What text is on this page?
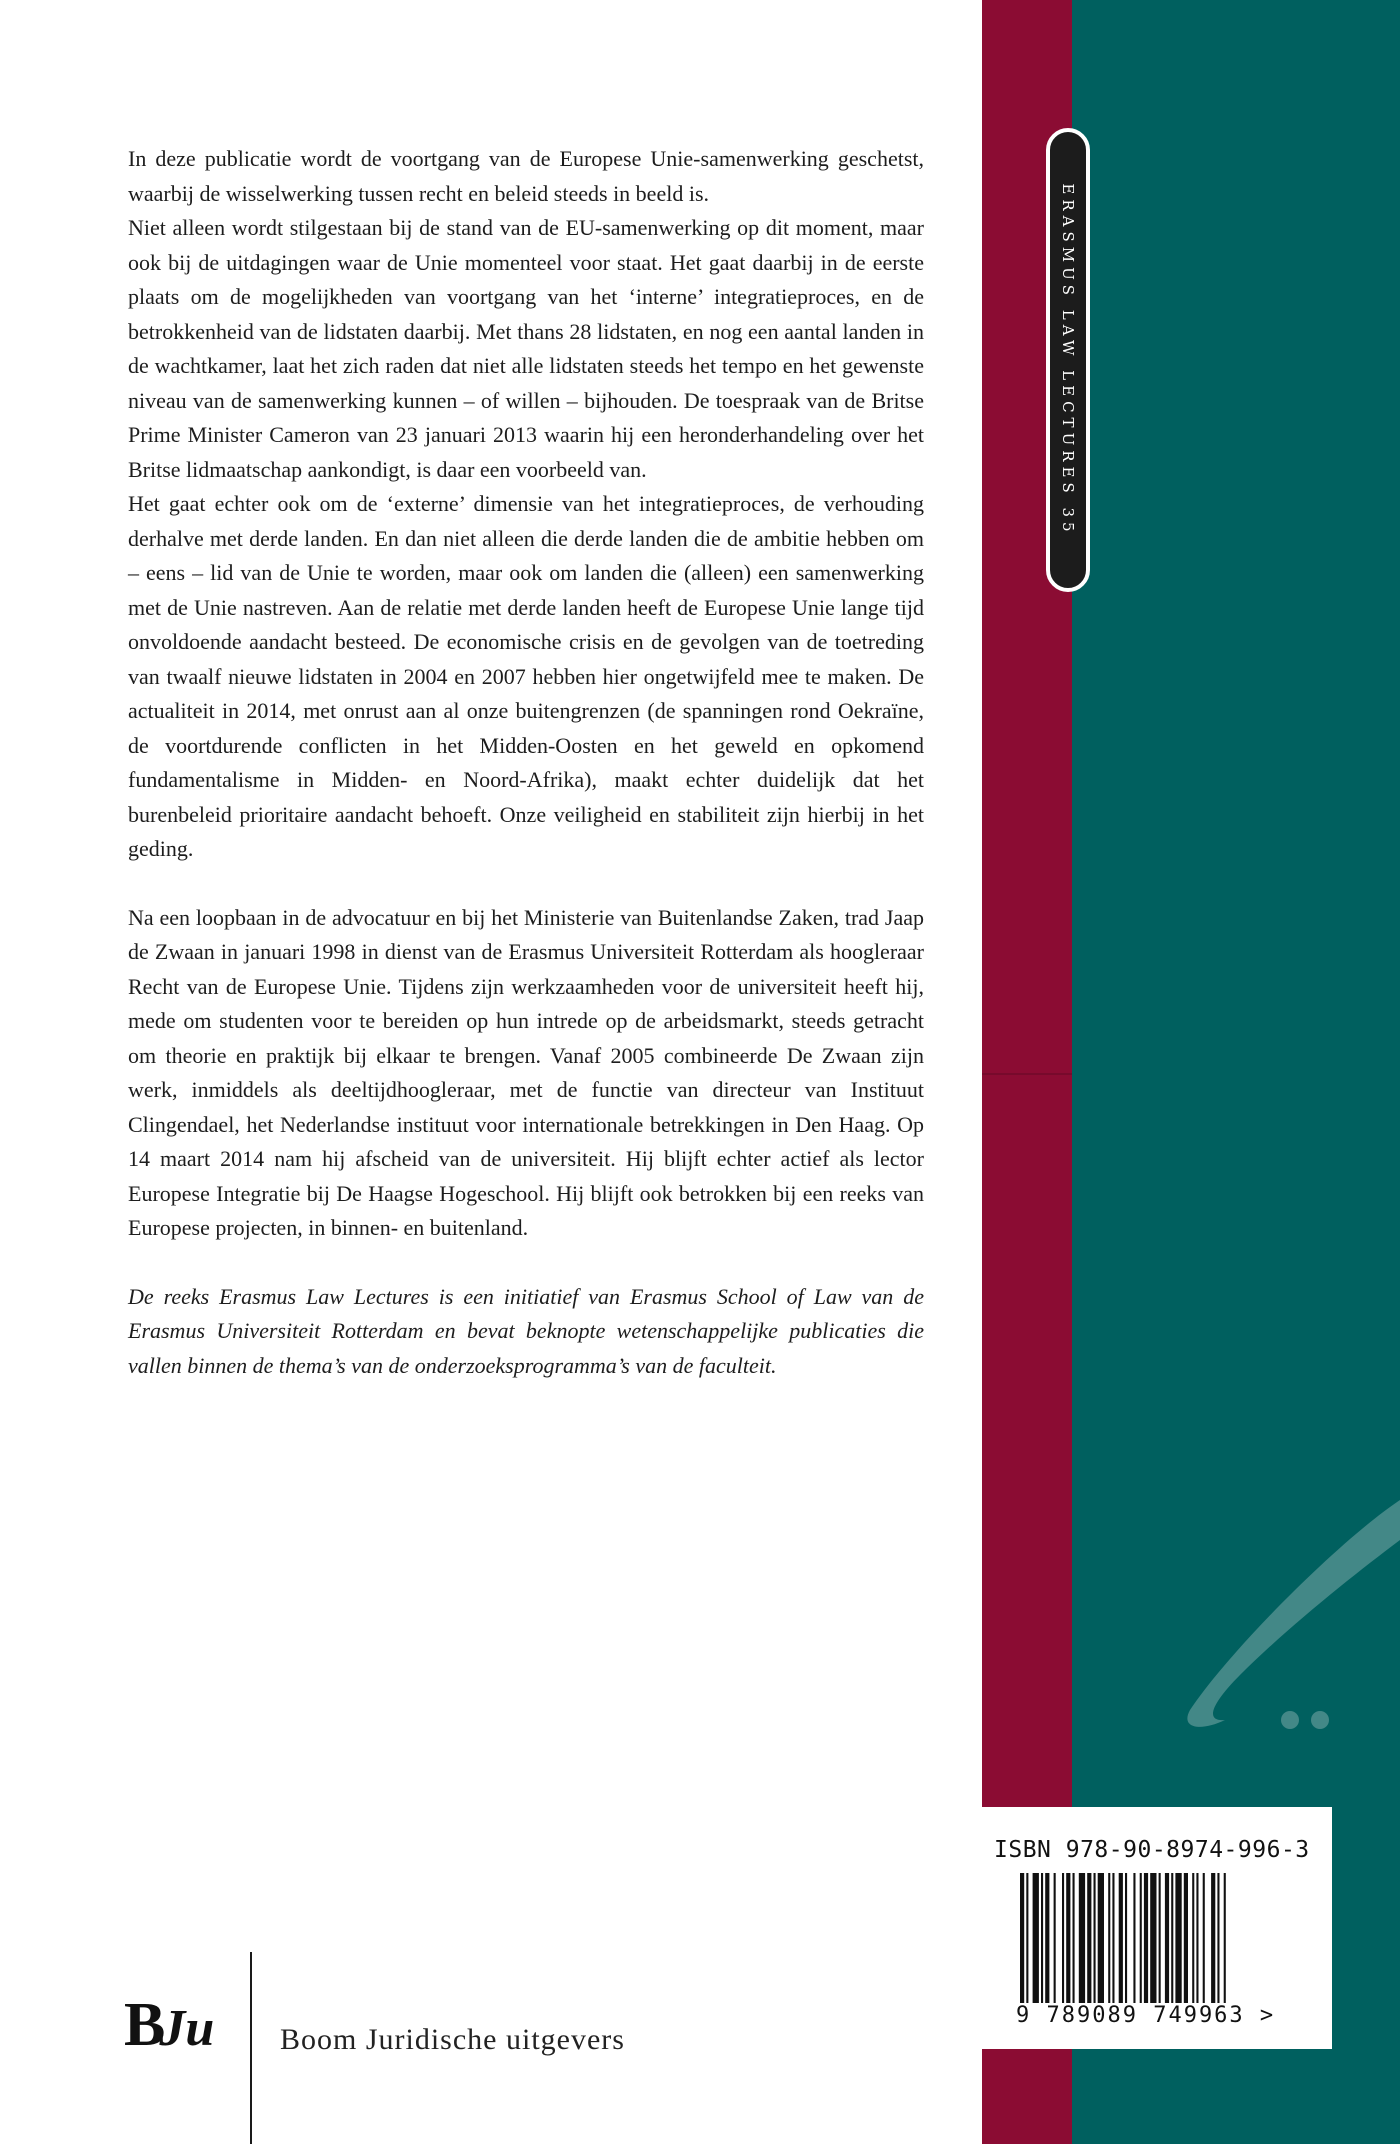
ERASMUS LAW LECTURES 35

In deze publicatie wordt de voortgang van de Europese Unie-samenwerking geschetst, waarbij de wisselwerking tussen recht en beleid steeds in beeld is.

Niet alleen wordt stilgestaan bij de stand van de EU-samenwerking op dit moment, maar ook bij de uitdagingen waar de Unie momenteel voor staat. Het gaat daarbij in de eerste plaats om de mogelijkheden van voortgang van het ‘interne’ integratieproces, en de betrokkenheid van de lidstaten daarbij. Met thans 28 lidstaten, en nog een aantal landen in de wachtkamer, laat het zich raden dat niet alle lidstaten steeds het tempo en het gewenste niveau van de samenwerking kunnen – of willen – bijhouden. De toespraak van de Britse Prime Minister Cameron van 23 januari 2013 waarin hij een heronderhandeling over het Britse lidmaatschap aankondigt, is daar een voorbeeld van.

Het gaat echter ook om de ‘externe’ dimensie van het integratieproces, de verhouding derhalve met derde landen. En dan niet alleen die derde landen die de ambitie hebben om – eens – lid van de Unie te worden, maar ook om landen die (alleen) een samenwerking met de Unie nastreven. Aan de relatie met derde landen heeft de Europese Unie lange tijd onvoldoende aandacht besteed. De economische crisis en de gevolgen van de toetreding van twaalf nieuwe lidstaten in 2004 en 2007 hebben hier ongetwijfeld mee te maken. De actualiteit in 2014, met onrust aan al onze buitengrenzen (de spanningen rond Oekraïne, de voortdurende conflicten in het Midden-Oosten en het geweld en opkomend fundamentalisme in Midden- en Noord-Afrika), maakt echter duidelijk dat het burenbeleid prioritaire aandacht behoeft. Onze veiligheid en stabiliteit zijn hierbij in het geding.

Na een loopbaan in de advocatuur en bij het Ministerie van Buitenlandse Zaken, trad Jaap de Zwaan in januari 1998 in dienst van de Erasmus Universiteit Rotterdam als hoogleraar Recht van de Europese Unie. Tijdens zijn werkzaamheden voor de universiteit heeft hij, mede om studenten voor te bereiden op hun intrede op de arbeidsmarkt, steeds getracht om theorie en praktijk bij elkaar te brengen. Vanaf 2005 combineerde De Zwaan zijn werk, inmiddels als deeltijdhoogleraar, met de functie van directeur van Instituut Clingendael, het Nederlandse instituut voor internationale betrekkingen in Den Haag. Op 14 maart 2014 nam hij afscheid van de universiteit. Hij blijft echter actief als lector Europese Integratie bij De Haagse Hogeschool. Hij blijft ook betrokken bij een reeks van Europese projecten, in binnen- en buitenland.

De reeks Erasmus Law Lectures is een initiatief van Erasmus School of Law van de Erasmus Universiteit Rotterdam en bevat beknopte wetenschappelijke publicaties die vallen binnen de thema’s van de onderzoeksprogramma’s van de faculteit.

ISBN 978-90-8974-996-3
9 789089 749963 >
BJu Boom Juridische uitgevers
